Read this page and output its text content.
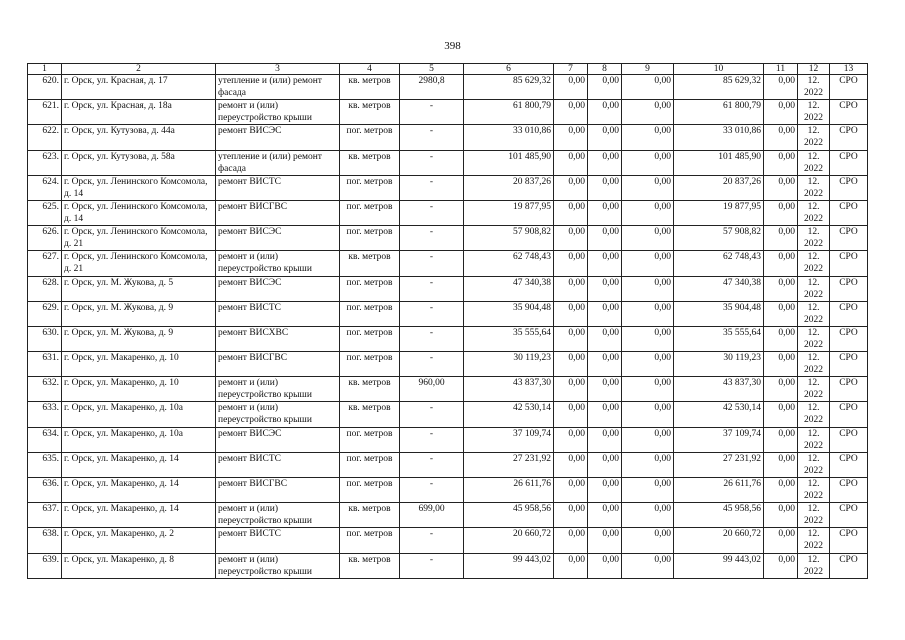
398
1	2	3	4	5	6	7	8	9	10	11	12	13
620.	г. Орск, ул. Красная, д. 17	утепление и (или) ремонт фасада	кв. метров	2980,8	85 629,32	0,00	0,00	0,00	85 629,32	0,00	12. 2022	СРО
621.	г. Орск, ул. Красная, д. 18а	ремонт и (или) переустройство крыши	кв. метров	-	61 800,79	0,00	0,00	0,00	61 800,79	0,00	12. 2022	СРО
622.	г. Орск, ул. Кутузова, д. 44а	ремонт ВИСЭС	пог. метров	-	33 010,86	0,00	0,00	0,00	33 010,86	0,00	12. 2022	СРО
623.	г. Орск, ул. Кутузова, д. 58а	утепление и (или) ремонт фасада	кв. метров	-	101 485,90	0,00	0,00	0,00	101 485,90	0,00	12. 2022	СРО
624.	г. Орск, ул. Ленинского Комсомола, д. 14	ремонт ВИСТС	пог. метров	-	20 837,26	0,00	0,00	0,00	20 837,26	0,00	12. 2022	СРО
625.	г. Орск, ул. Ленинского Комсомола, д. 14	ремонт ВИСГВС	пог. метров	-	19 877,95	0,00	0,00	0,00	19 877,95	0,00	12. 2022	СРО
626.	г. Орск, ул. Ленинского Комсомола, д. 21	ремонт ВИСЭС	пог. метров	-	57 908,82	0,00	0,00	0,00	57 908,82	0,00	12. 2022	СРО
627.	г. Орск, ул. Ленинского Комсомола, д. 21	ремонт и (или) переустройство крыши	кв. метров	-	62 748,43	0,00	0,00	0,00	62 748,43	0,00	12. 2022	СРО
628.	г. Орск, ул. М. Жукова, д. 5	ремонт ВИСЭС	пог. метров	-	47 340,38	0,00	0,00	0,00	47 340,38	0,00	12. 2022	СРО
629.	г. Орск, ул. М. Жукова, д. 9	ремонт ВИСТС	пог. метров	-	35 904,48	0,00	0,00	0,00	35 904,48	0,00	12. 2022	СРО
630.	г. Орск, ул. М. Жукова, д. 9	ремонт ВИСХВС	пог. метров	-	35 555,64	0,00	0,00	0,00	35 555,64	0,00	12. 2022	СРО
631.	г. Орск, ул. Макаренко, д. 10	ремонт ВИСГВС	пог. метров	-	30 119,23	0,00	0,00	0,00	30 119,23	0,00	12. 2022	СРО
632.	г. Орск, ул. Макаренко, д. 10	ремонт и (или) переустройство крыши	кв. метров	960,00	43 837,30	0,00	0,00	0,00	43 837,30	0,00	12. 2022	СРО
633.	г. Орск, ул. Макаренко, д. 10а	ремонт и (или) переустройство крыши	кв. метров	-	42 530,14	0,00	0,00	0,00	42 530,14	0,00	12. 2022	СРО
634.	г. Орск, ул. Макаренко, д. 10а	ремонт ВИСЭС	пог. метров	-	37 109,74	0,00	0,00	0,00	37 109,74	0,00	12. 2022	СРО
635.	г. Орск, ул. Макаренко, д. 14	ремонт ВИСТС	пог. метров	-	27 231,92	0,00	0,00	0,00	27 231,92	0,00	12. 2022	СРО
636.	г. Орск, ул. Макаренко, д. 14	ремонт ВИСГВС	пог. метров	-	26 611,76	0,00	0,00	0,00	26 611,76	0,00	12. 2022	СРО
637.	г. Орск, ул. Макаренко, д. 14	ремонт и (или) переустройство крыши	кв. метров	699,00	45 958,56	0,00	0,00	0,00	45 958,56	0,00	12. 2022	СРО
638.	г. Орск, ул. Макаренко, д. 2	ремонт ВИСТС	пог. метров	-	20 660,72	0,00	0,00	0,00	20 660,72	0,00	12. 2022	СРО
639.	г. Орск, ул. Макаренко, д. 8	ремонт и (или) переустройство крыши	кв. метров	-	99 443,02	0,00	0,00	0,00	99 443,02	0,00	12. 2022	СРО
